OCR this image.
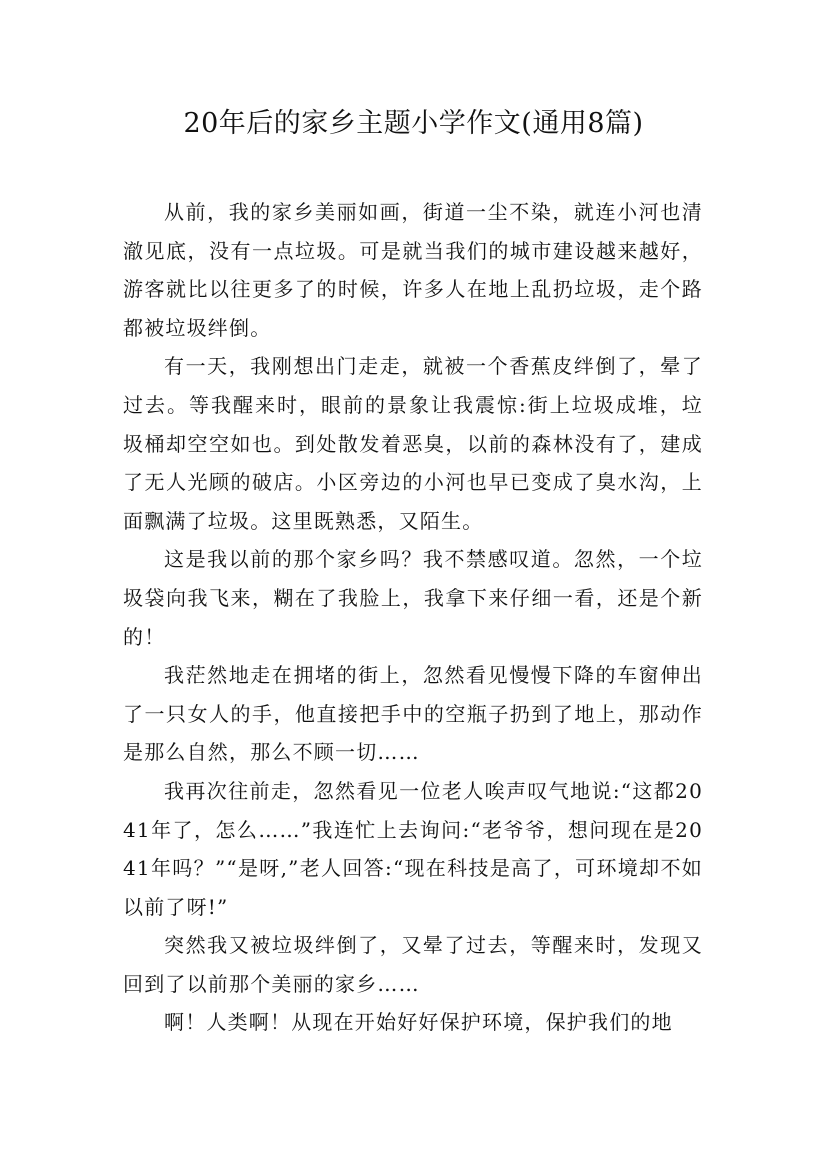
20年后的家乡主题小学作文(通用8篇)

从前，我的家乡美丽如画，街道一尘不染，就连小河也清澈见底，没有一点垃圾。可是就当我们的城市建设越来越好，游客就比以往更多了的时候，许多人在地上乱扔垃圾，走个路都被垃圾绊倒。

有一天，我刚想出门走走，就被一个香蕉皮绊倒了，晕了过去。等我醒来时，眼前的景象让我震惊:街上垃圾成堆，垃圾桶却空空如也。到处散发着恶臭，以前的森林没有了，建成了无人光顾的破店。小区旁边的小河也早已变成了臭水沟，上面飘满了垃圾。这里既熟悉，又陌生。

这是我以前的那个家乡吗？我不禁感叹道。忽然，一个垃圾袋向我飞来，糊在了我脸上，我拿下来仔细一看，还是个新的！

我茫然地走在拥堵的街上，忽然看见慢慢下降的车窗伸出了一只女人的手，他直接把手中的空瓶子扔到了地上，那动作是那么自然，那么不顾一切……

我再次往前走，忽然看见一位老人唉声叹气地说:“这都2041年了，怎么……”我连忙上去询问:“老爷爷，想问现在是2041年吗？”“是呀,”老人回答:“现在科技是高了，可环境却不如以前了呀!”

突然我又被垃圾绊倒了，又晕了过去，等醒来时，发现又回到了以前那个美丽的家乡……

啊！人类啊！从现在开始好好保护环境，保护我们的地
